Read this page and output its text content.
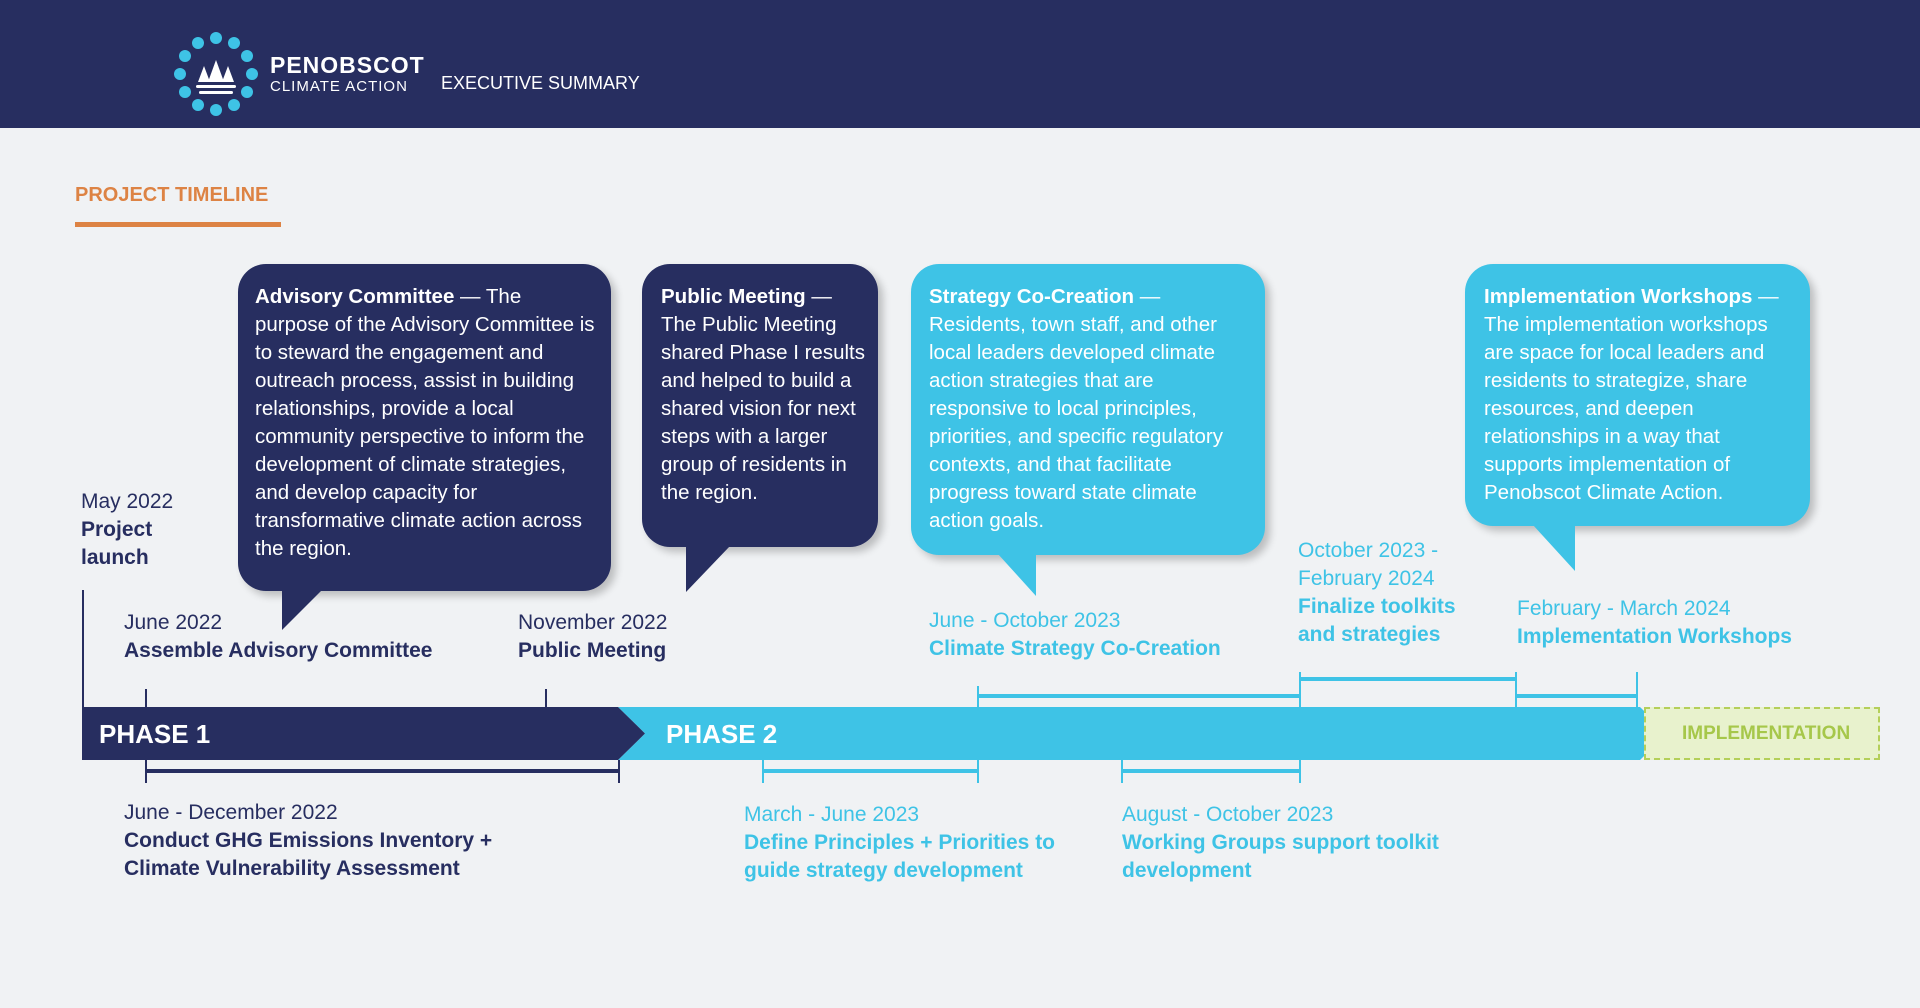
PENOBSCOT
CLIMATE ACTION EXECUTIVE SUMMARY
PROJECT TIMELINE
Advisory Committee — The purpose of the Advisory Committee is to steward the engagement and outreach process, assist in building relationships, provide a local community perspective to inform the development of climate strategies, and develop capacity for transformative climate action across the region.
Public Meeting — The Public Meeting shared Phase I results and helped to build a shared vision for next steps with a larger group of residents in the region.
Strategy Co-Creation — Residents, town staff, and other local leaders developed climate action strategies that are responsive to local principles, priorities, and specific regulatory contexts, and that facilitate progress toward state climate action goals.
Implementation Workshops — The implementation workshops are space for local leaders and residents to strategize, share resources, and deepen relationships in a way that supports implementation of Penobscot Climate Action.
May 2022
Project
launch
June 2022
Assemble Advisory Committee
November 2022
Public Meeting
June - October 2023
Climate Strategy Co-Creation
October 2023 -
February 2024
Finalize toolkits
and strategies
February - March 2024
Implementation Workshops
PHASE 1	PHASE 2	IMPLEMENTATION
June - December 2022
Conduct GHG Emissions Inventory +
Climate Vulnerability Assessment
March - June 2023
Define Principles + Priorities to
guide strategy development
August - October 2023
Working Groups support toolkit
development
